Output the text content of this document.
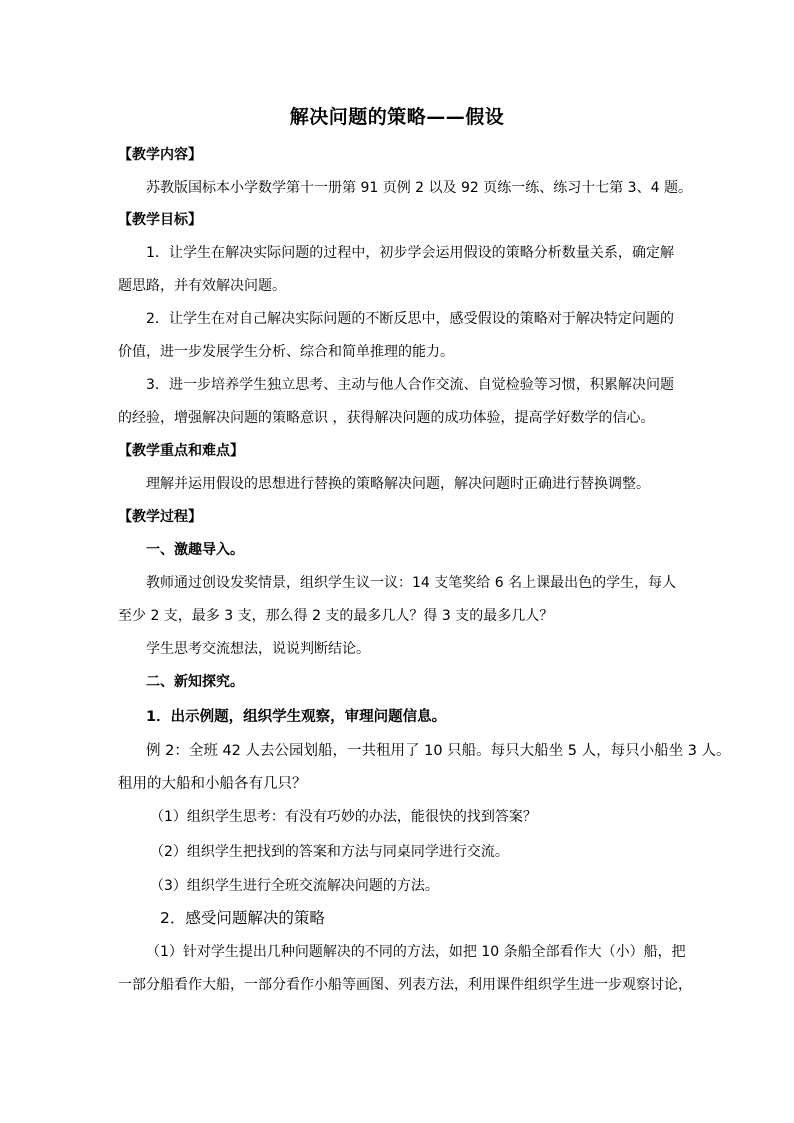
解决问题的策略——假设
【教学内容】
苏教版国标本小学数学第十一册第 91 页例 2 以及 92 页练一练、练习十七第 3、4 题。
【教学目标】
1．让学生在解决实际问题的过程中，初步学会运用假设的策略分析数量关系，确定解
题思路，并有效解决问题。
2．让学生在对自己解决实际问题的不断反思中，感受假设的策略对于解决特定问题的
价值，进一步发展学生分析、综合和简单推理的能力。
3．进一步培养学生独立思考、主动与他人合作交流、自觉检验等习惯，积累解决问题
的经验，增强解决问题的策略意识 ，获得解决问题的成功体验，提高学好数学的信心。
【教学重点和难点】
理解并运用假设的思想进行替换的策略解决问题，解决问题时正确进行替换调整。
【教学过程】
一、激趣导入。
教师通过创设发奖情景，组织学生议一议：14 支笔奖给 6 名上课最出色的学生，每人
至少 2 支，最多 3 支，那么得 2 支的最多几人？得 3 支的最多几人？
学生思考交流想法，说说判断结论。
二、新知探究。
1．出示例题，组织学生观察，审理问题信息。
例 2：全班 42 人去公园划船，一共租用了 10 只船。每只大船坐 5 人，每只小船坐 3 人。
租用的大船和小船各有几只？
（1）组织学生思考：有没有巧妙的办法，能很快的找到答案？
（2）组织学生把找到的答案和方法与同桌同学进行交流。
（3）组织学生进行全班交流解决问题的方法。
2．感受问题解决的策略
（1）针对学生提出几种问题解决的不同的方法，如把 10 条船全部看作大（小）船，把
一部分船看作大船，一部分看作小船等画图、列表方法，利用课件组织学生进一步观察讨论，
